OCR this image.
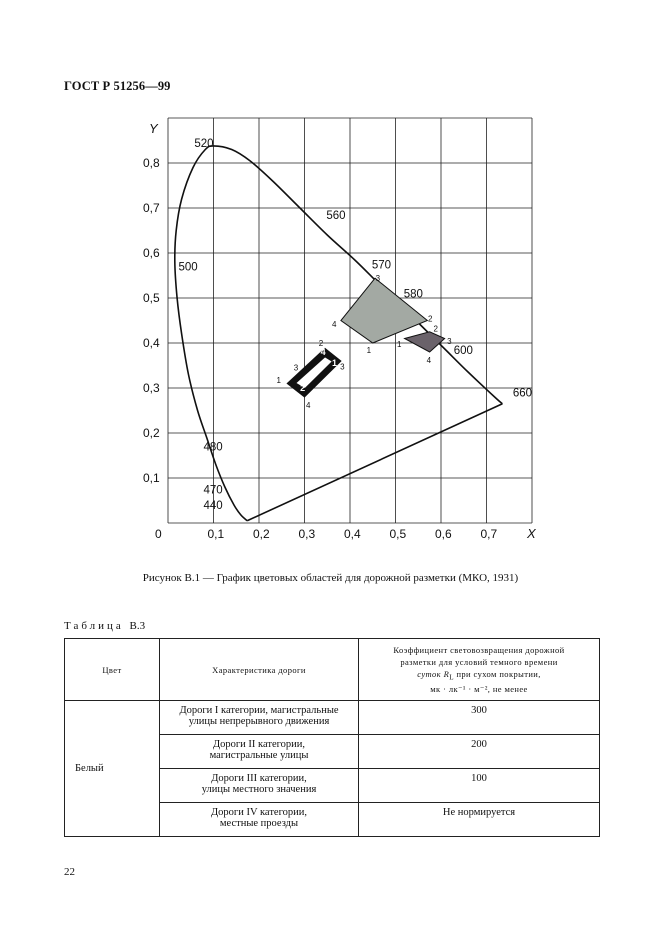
ГОСТ Р 51256—99
Y
X
0	0,1 0,2 0,3 0,4 0,5 0,6 0,7
0,1
0,2
0,3
0,4
0,5
0,6
0,7
0,8
520
560
570
580
600
660
500
480
470
440
3
2
1
4	2
3
4
1
2
3
4
1
3
4
1
2
Рисунок В.1 — График цветовых областей для дорожной разметки (МКО, 1931)
Таблица В.3
Цвет	Характеристика дороги	Коэффициент световозвращения дорожной
разметки для условий темного времени
суток $R_L$ при сухом покрытии,
мк · лк⁻¹ · м⁻², не менее

Белый	Дороги I категории, магистральные
улицы непрерывного движения	300

	Дороги II категории,
магистральные улицы	200

	Дороги III категории,
улицы местного значения	100

	Дороги IV категории,
местные проезды	Не нормируется
22
